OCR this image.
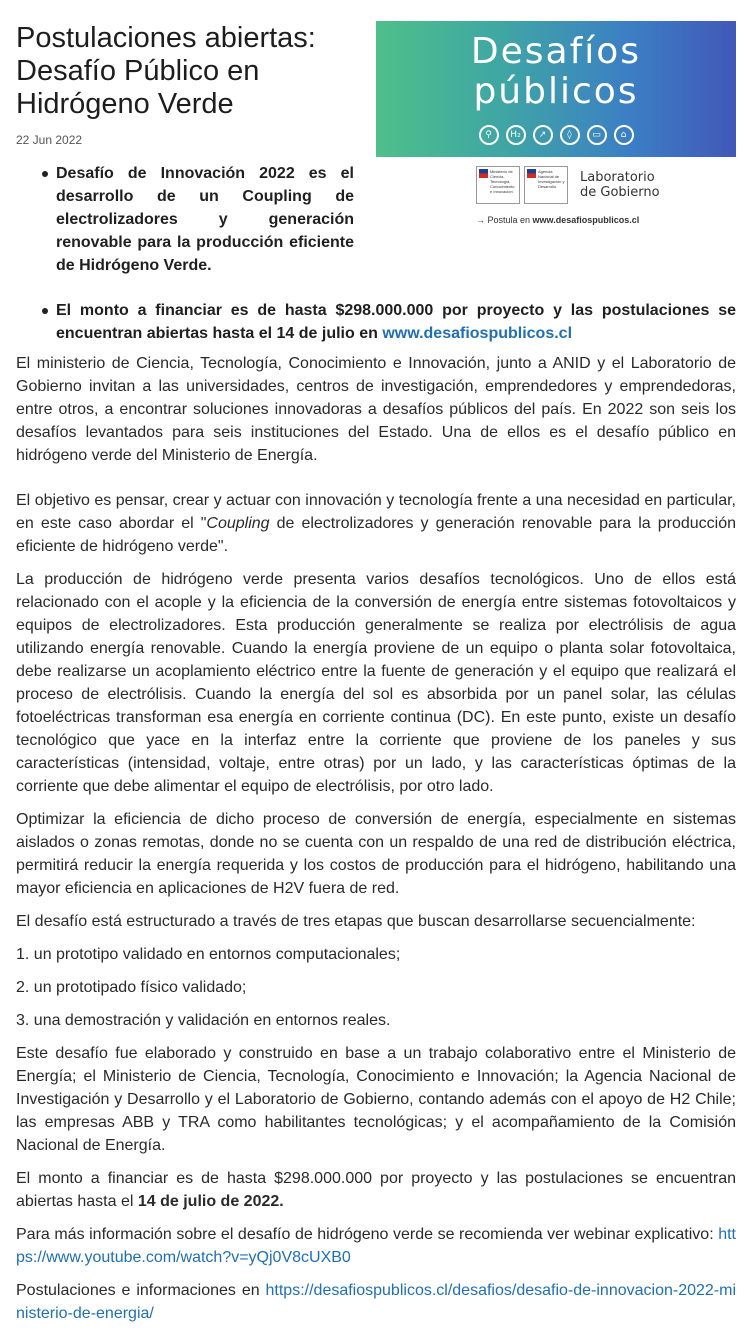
Postulaciones abiertas: Desafío Público en Hidrógeno Verde
22 Jun 2022
Desafíos
públicos
⚲	H₂	↗	◊	▭	⌂
Ministerio de Ciencia, Tecnología, Conocimiento e Innovación
Agencia Nacional de Investigación y Desarrollo
Laboratorio
de Gobierno
→ Postula en www.desafiospublicos.cl
Desafío de Innovación 2022 es el desarrollo de un Coupling de electrolizadores y generación renovable para la producción eficiente de Hidrógeno Verde.
El monto a financiar es de hasta $298.000.000 por proyecto y las postulaciones se encuentran abiertas hasta el 14 de julio en www.desafiospublicos.cl

El ministerio de Ciencia, Tecnología, Conocimiento e Innovación, junto a ANID y el Laboratorio de Gobierno invitan a las universidades, centros de investigación, emprendedores y emprendedoras, entre otros, a encontrar soluciones innovadoras a desafíos públicos del país. En 2022 son seis los desafíos levantados para seis instituciones del Estado. Una de ellos es el desafío público en hidrógeno verde del Ministerio de Energía.

El objetivo es pensar, crear y actuar con innovación y tecnología frente a una necesidad en particular, en este caso abordar el "Coupling de electrolizadores y generación renovable para la producción eficiente de hidrógeno verde".

La producción de hidrógeno verde presenta varios desafíos tecnológicos. Uno de ellos está relacionado con el acople y la eficiencia de la conversión de energía entre sistemas fotovoltaicos y equipos de electrolizadores. Esta producción generalmente se realiza por electrólisis de agua utilizando energía renovable. Cuando la energía proviene de un equipo o planta solar fotovoltaica, debe realizarse un acoplamiento eléctrico entre la fuente de generación y el equipo que realizará el proceso de electrólisis. Cuando la energía del sol es absorbida por un panel solar, las células fotoeléctricas transforman esa energía en corriente continua (DC). En este punto, existe un desafío tecnológico que yace en la interfaz entre la corriente que proviene de los paneles y sus características (intensidad, voltaje, entre otras) por un lado, y las características óptimas de la corriente que debe alimentar el equipo de electrólisis, por otro lado.

Optimizar la eficiencia de dicho proceso de conversión de energía, especialmente en sistemas aislados o zonas remotas, donde no se cuenta con un respaldo de una red de distribución eléctrica, permitirá reducir la energía requerida y los costos de producción para el hidrógeno, habilitando una mayor eficiencia en aplicaciones de H2V fuera de red.

El desafío está estructurado a través de tres etapas que buscan desarrollarse secuencialmente:

1. un prototipo validado en entornos computacionales;

2. un prototipado físico validado;

3. una demostración y validación en entornos reales.

Este desafío fue elaborado y construido en base a un trabajo colaborativo entre el Ministerio de Energía; el Ministerio de Ciencia, Tecnología, Conocimiento e Innovación; la Agencia Nacional de Investigación y Desarrollo y el Laboratorio de Gobierno, contando además con el apoyo de H2 Chile; las empresas ABB y TRA como habilitantes tecnológicas; y el acompañamiento de la Comisión Nacional de Energía.

El monto a financiar es de hasta $298.000.000 por proyecto y las postulaciones se encuentran abiertas hasta el 14 de julio de 2022.

Para más información sobre el desafío de hidrógeno verde se recomienda ver webinar explicativo: https://www.youtube.com/watch?v=yQj0V8cUXB0

Postulaciones e informaciones en https://desafiospublicos.cl/desafios/desafio-de-innovacion-2022-ministerio-de-energia/
